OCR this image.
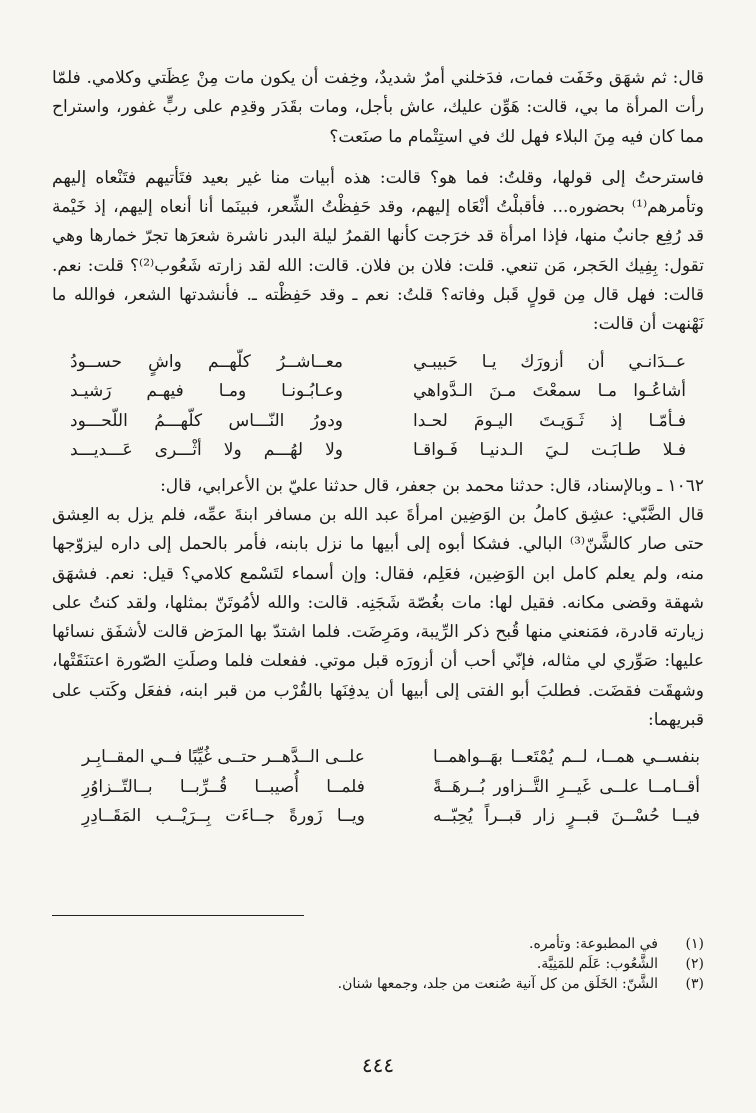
قال: ثم شهَق وخَفَت فمات، فدَخلني أمرٌ شديدٌ، وخِفت أن يكون مات مِنْ عِظَتي وكلامي. فلمّا رأت المرأة ما بي، قالت: هَوِّن عليك، عاش بأجل، ومات بقَدَر وقدِم على ربٍّ غفور، واستراح مما كان فيه مِنَ البلاء فهل لك في استِتْمام ما صنَعت؟

فاسترحتُ إلى قولها، وقلتُ: فما هو؟ قالت: هذه أبيات منا غير بعيد فتَأتيهم فتَنْعاه إليهم وتأمرهم⁽¹⁾ بحضوره... فأقبلْتُ أنْعَاه إليهم، وقد حَفِظْتُ الشِّعر، فبينَما أنا أنعاه إليهم، إذ خَيْمة قد رُفِع جانبٌ منها، فإذا امرأة قد خرَجت كأنها القمرُ ليلة البدر ناشرة شعرَها تجرّ خمارها وهي تقول: بِفِيك الحَجر، مَن تنعي. قلت: فلان بن فلان. قالت: الله لقد زارته شَعُوب⁽²⁾؟ قلت: نعم. قالت: فهل قال مِن قولٍ قَبل وفاته؟ قلتُ: نعم ـ وقد حَفِظْته ـ. فأنشدتها الشعر، فوالله ما نَهْنهت أن قالت:

عــدَانـي أن أزورَك يـا حَبيبـي
معــاشــرُ كلّهــم واشٍ حســودُ
أشاعُـوا مـا سمعْتَ مـنَ الـدَّواهي
وعـابُـونـا ومـا فيهـم رَشيـد
فـأمّـا إذ ثَـوَيـتَ اليـومَ لحـدا
ودورُ النّـــاس كلّهـــمُ اللّحـــود
فـلا طـابَـت لـيَ الـدنيـا فَـواقـا
ولا لهُـــم ولا أثْـــرى عَـــديـــد

١٠٦٢ ـ وبالإسناد، قال: حدثنا محمد بن جعفر، قال حدثنا عليّ بن الأعرابي، قال:

قال الضَّبّي: عشِق كاملُ بن الوَضِين امرأةَ عبد الله بن مسافر ابنةَ عمِّه، فلم يزل به العِشق حتى صار كالشَّنّ⁽³⁾ البالي. فشكا أبوه إلى أبيها ما نزل بابنه، فأمر بالحمل إلى داره ليزوّجها منه، ولم يعلم كامل ابن الوَضِين، فعَلِم، فقال: وإن أسماء لتَسْمع كلامي؟ قيل: نعم. فشهَق شهقة وقضى مكانه. فقيل لها: مات بغُصّة شَجَنِه. قالت: والله لأمُوتَنّ بمثلها، ولقد كنتُ على زيارته قادرة، فمَنعني منها قُبح ذكر الرِّيبة، ومَرِضَت. فلما اشتدّ بها المرَض قالت لأشفَق نسائها عليها: صَوِّري لي مثاله، فإنّي أحب أن أزورَه قبل موتي. ففعلت فلما وصلَتِ الصّورة اعتنَقَتْها، وشهقَت فقضَت. فطلبَ أبو الفتى إلى أبيها أن يدفِنَها بالقُرْب من قبر ابنه، ففعَل وكَتب على قبريهما:

بنفســي همــا، لــم يُمْتَعــا بهَــواهمــا
علــى الــدَّهــر حتــى غُيِّبًا فــي المقــابِـر
أقــامــا علــى غَيــرِ التَّــزاور بُــرهَــةً
فلمــا أُصيبــا قُــرِّبــا بــالتّــزاوُرِ
فيــا حُسْــنَ قبــرٍ زار قبــراً يُحِبّــه
ويــا زَورةً جــاءَت بِــرَيْــب المَقَــادِرِ
(١)
في المطبوعة: وتأمره.
(٢)
الشَّعُوب: عَلَم للمَنِيَّة.
(٣)
الشَّنّ: الخَلَق من كل آنية صُنعت من جلد، وجمعها شنان.
٤٤٤
